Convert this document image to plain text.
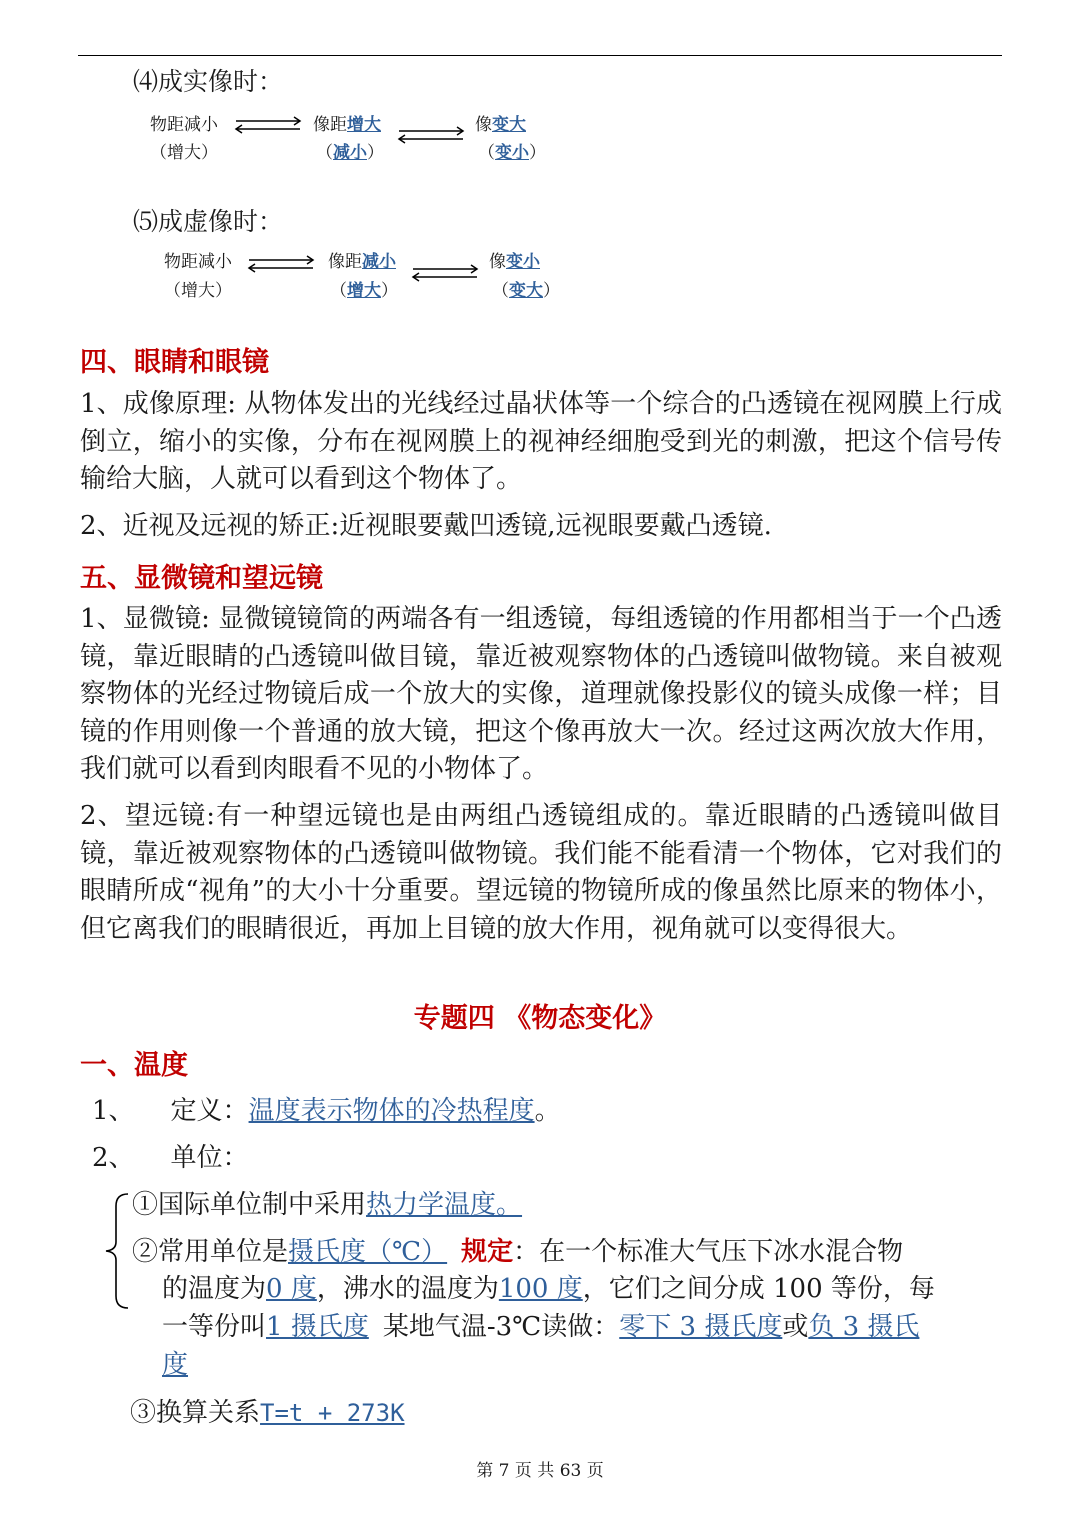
⑷成实像时：
物距减小
（增大）
像距增大
（减小）
像变大
（变小）
⑸成虚像时：
物距减小
（增大）
像距减小
（增大）
像变小
（变大）
四、眼睛和眼镜

1、成像原理: 从物体发出的光线经过晶状体等一个综合的凸透镜在视网膜上行成倒立，缩小的实像，分布在视网膜上的视神经细胞受到光的刺激，把这个信号传输给大脑，人就可以看到这个物体了。

2、近视及远视的矫正:近视眼要戴凹透镜,远视眼要戴凸透镜.

五、显微镜和望远镜

1、显微镜: 显微镜镜筒的两端各有一组透镜，每组透镜的作用都相当于一个凸透镜，靠近眼睛的凸透镜叫做目镜，靠近被观察物体的凸透镜叫做物镜。来自被观察物体的光经过物镜后成一个放大的实像，道理就像投影仪的镜头成像一样；目镜的作用则像一个普通的放大镜，把这个像再放大一次。经过这两次放大作用，我们就可以看到肉眼看不见的小物体了。

2、望远镜:有一种望远镜也是由两组凸透镜组成的。靠近眼睛的凸透镜叫做目镜，靠近被观察物体的凸透镜叫做物镜。我们能不能看清一个物体，它对我们的眼睛所成“视角”的大小十分重要。望远镜的物镜所成的像虽然比原来的物体小，但它离我们的眼睛很近，再加上目镜的放大作用，视角就可以变得很大。

专题四 《物态变化》
一、温度
1、 定义：温度表示物体的冷热程度。
2、 单位：
①国际单位制中采用热力学温度。
②常用单位是摄氏度（℃） 规定：在一个标准大气压下冰水混合物
的温度为0 度，沸水的温度为100 度，它们之间分成 100 等份，每
一等份叫1 摄氏度 某地气温-3℃读做：零下 3 摄氏度或负 3 摄氏
度
③换算关系T=t + 273K
第 7 页 共 63 页
